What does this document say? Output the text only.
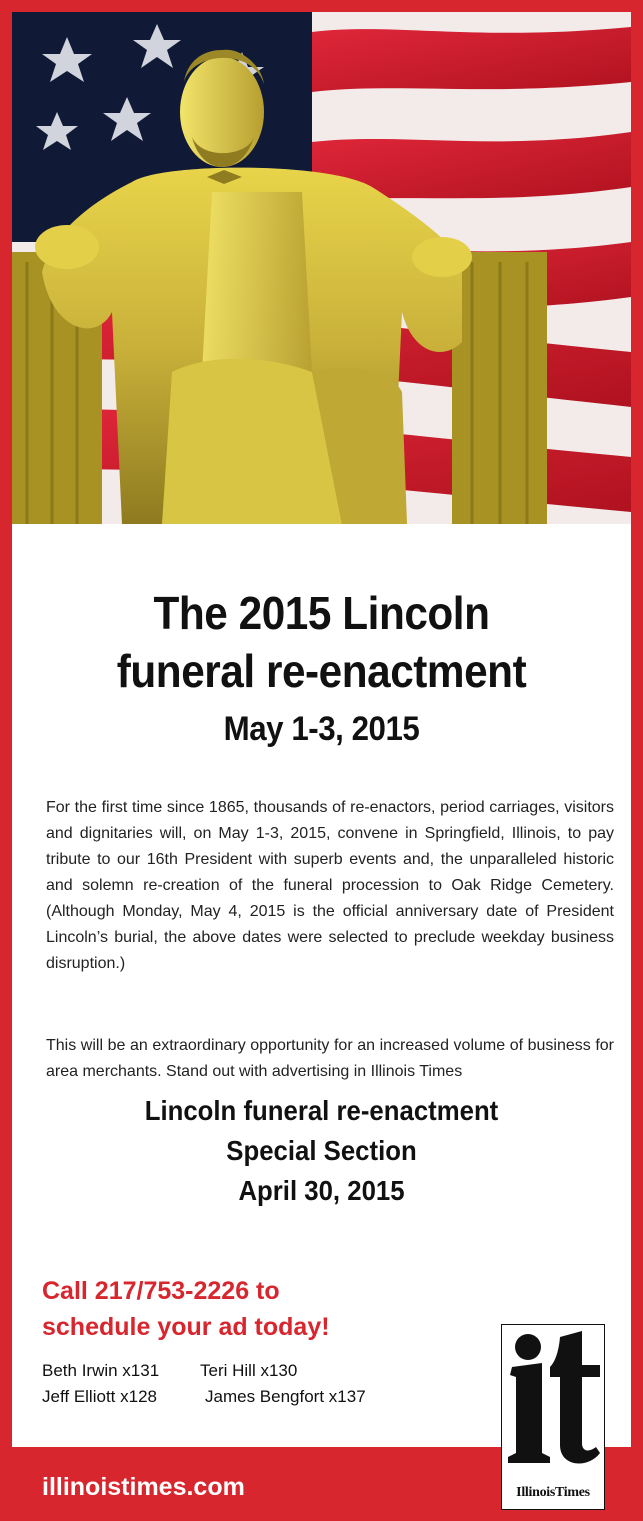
The 2015 Lincoln
funeral re-enactment
May 1-3, 2015
For the first time since 1865, thousands of re-enactors, period carriages, visitors and dignitaries will, on May 1-3, 2015, convene in Springfield, Illinois, to pay tribute to our 16th President with superb events and, the unparalleled historic and solemn re-creation of the funeral procession to Oak Ridge Cemetery. (Although Monday, May 4, 2015 is the official anniversary date of President Lincoln’s burial, the above dates were selected to preclude weekday business disruption.)
This will be an extraordinary opportunity for an increased volume of business for area merchants. Stand out with advertising in Illinois Times
Lincoln funeral re-enactment
Special Section
April 30, 2015
Call 217/753-2226 to
schedule your ad today!
Beth Irwin x131 Teri Hill x130
Jeff Elliott x128	James Bengfort x137
illinoistimes.com	IllinoisTimes
